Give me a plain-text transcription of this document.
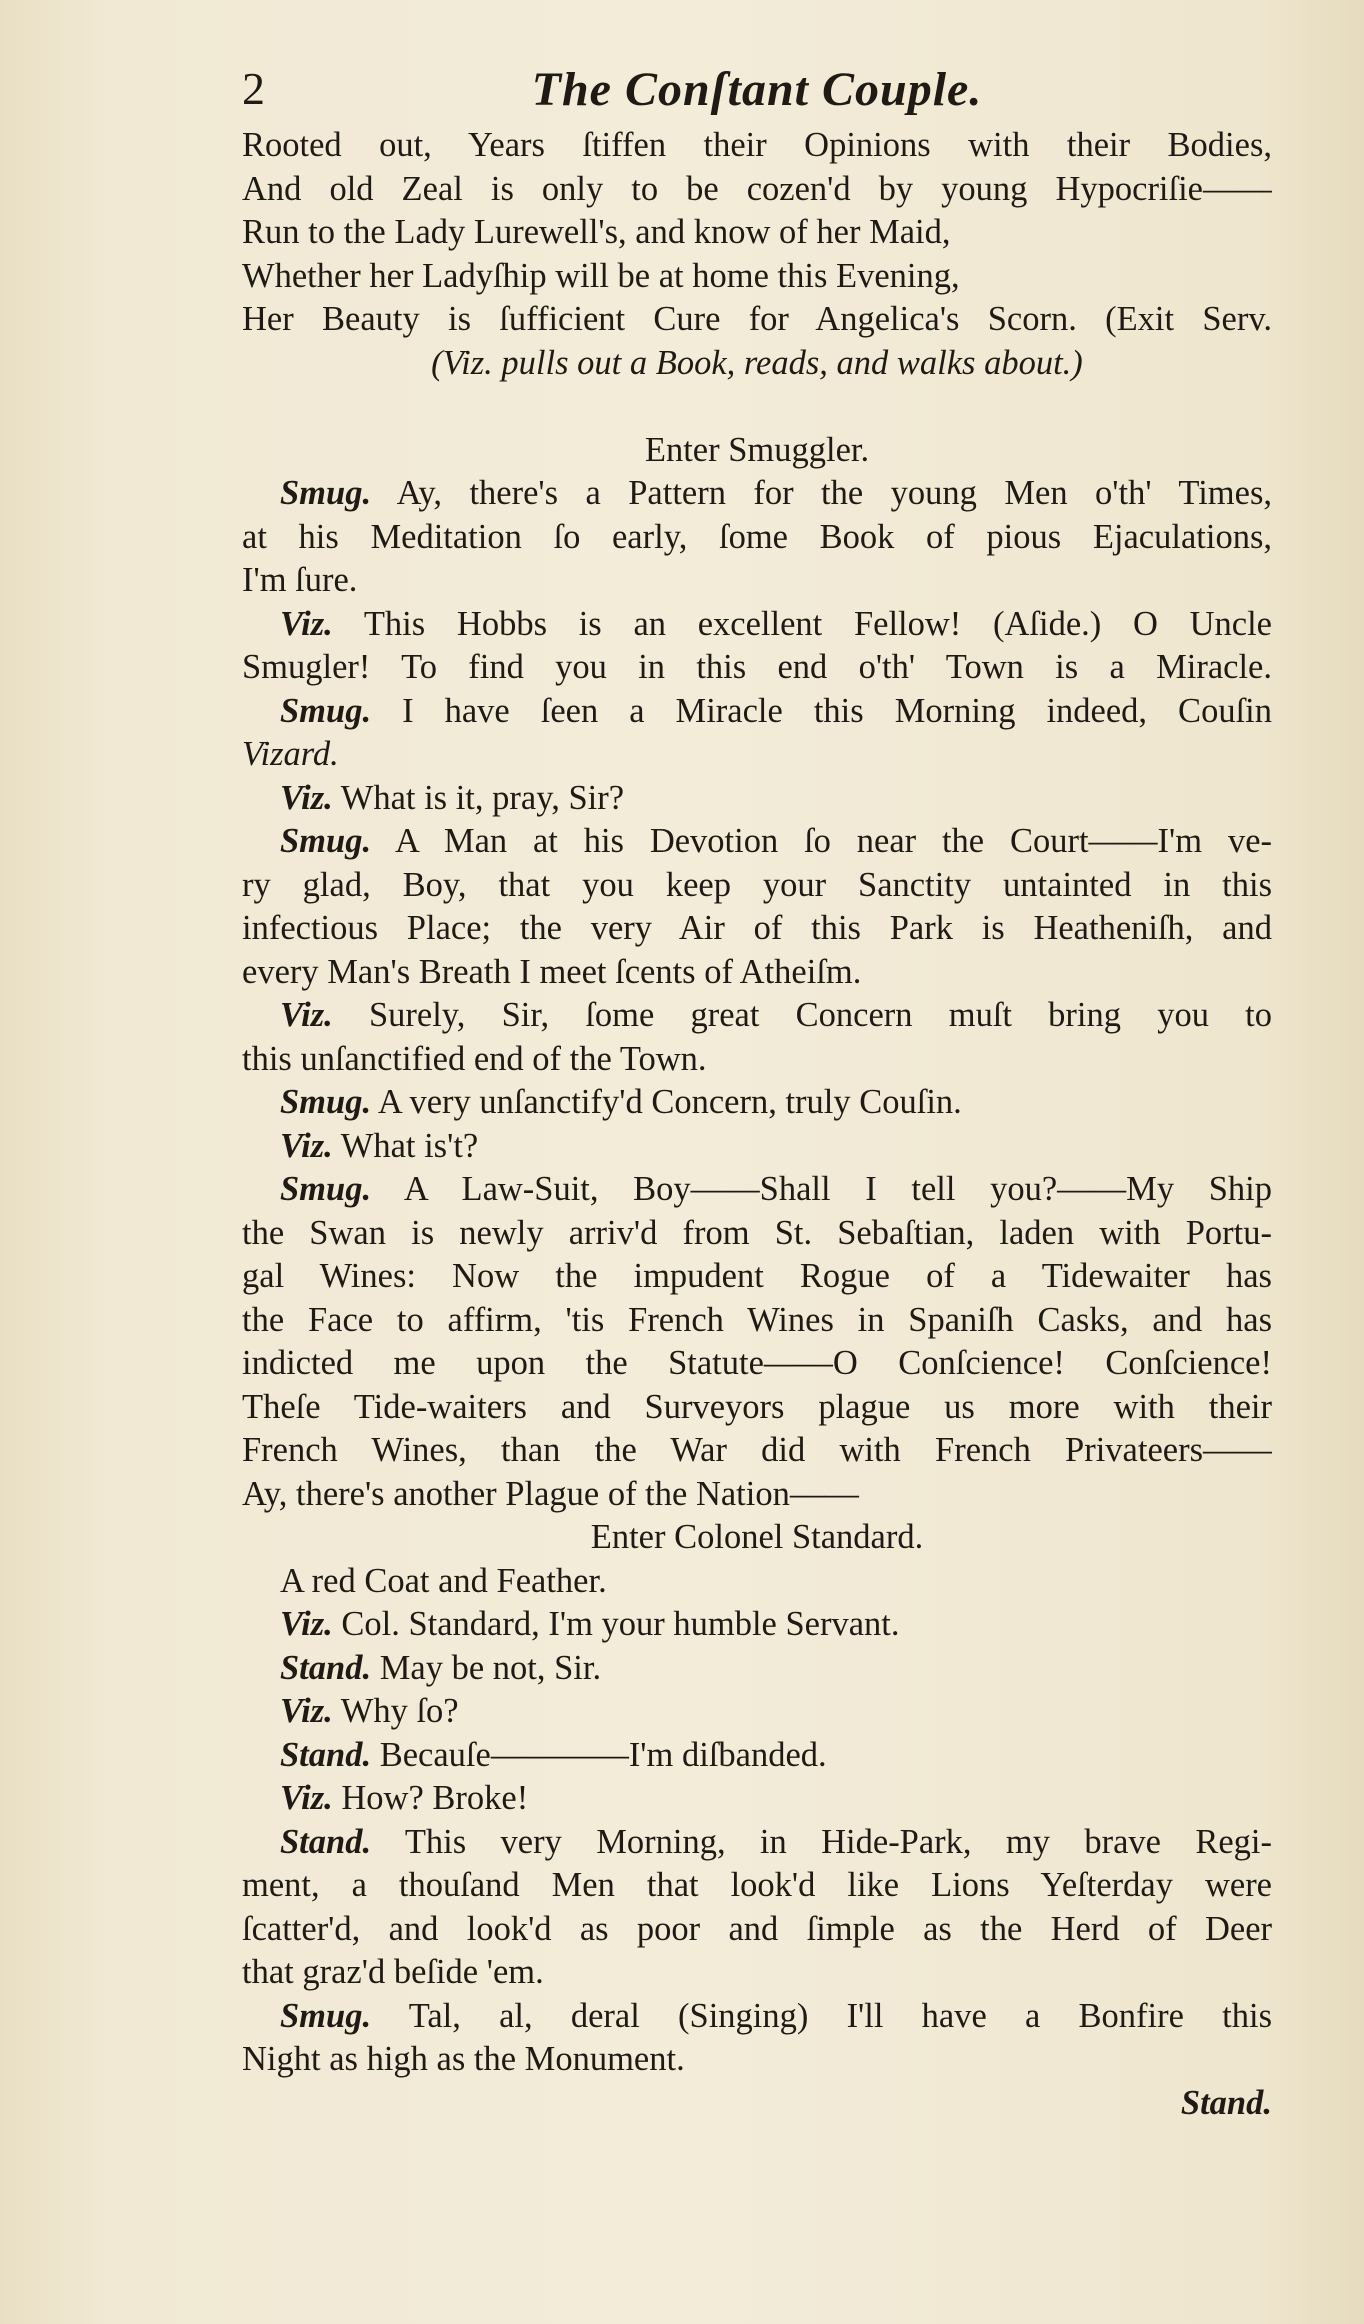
2	The Conſtant Couple.
Rooted out, Years ſtiffen their Opinions with their Bodies,
And old Zeal is only to be cozen'd by young Hypocriſie——
Run to the Lady Lurewell's, and know of her Maid,
Whether her Ladyſhip will be at home this Evening,
Her Beauty is ſufficient Cure for Angelica's Scorn. (Exit Serv.
(Viz. pulls out a Book, reads, and walks about.)
Enter Smuggler.
Smug. Ay, there's a Pattern for the young Men o'th' Times,
at his Meditation ſo early, ſome Book of pious Ejaculations,
I'm ſure.
Viz. This Hobbs is an excellent Fellow! (Aſide.) O Uncle
Smugler! To find you in this end o'th' Town is a Miracle.
Smug. I have ſeen a Miracle this Morning indeed, Couſin
Vizard.
Viz. What is it, pray, Sir?
Smug. A Man at his Devotion ſo near the Court——I'm ve-
ry glad, Boy, that you keep your Sanctity untainted in this
infectious Place; the very Air of this Park is Heatheniſh, and
every Man's Breath I meet ſcents of Atheiſm.
Viz. Surely, Sir, ſome great Concern muſt bring you to
this unſanctified end of the Town.
Smug. A very unſanctify'd Concern, truly Couſin.
Viz. What is't?
Smug. A Law-Suit, Boy——Shall I tell you?——My Ship
the Swan is newly arriv'd from St. Sebaſtian, laden with Portu-
gal Wines: Now the impudent Rogue of a Tidewaiter has
the Face to affirm, 'tis French Wines in Spaniſh Casks, and has
indicted me upon the Statute——O Conſcience! Conſcience!
Theſe Tide-waiters and Surveyors plague us more with their
French Wines, than the War did with French Privateers——
Ay, there's another Plague of the Nation——
Enter Colonel Standard.
A red Coat and Feather.
Viz. Col. Standard, I'm your humble Servant.
Stand. May be not, Sir.
Viz. Why ſo?
Stand. Becauſe————I'm diſbanded.
Viz. How? Broke!
Stand. This very Morning, in Hide-Park, my brave Regi-
ment, a thouſand Men that look'd like Lions Yeſterday were
ſcatter'd, and look'd as poor and ſimple as the Herd of Deer
that graz'd beſide 'em.
Smug. Tal, al, deral (Singing) I'll have a Bonfire this
Night as high as the Monument.
Stand.
